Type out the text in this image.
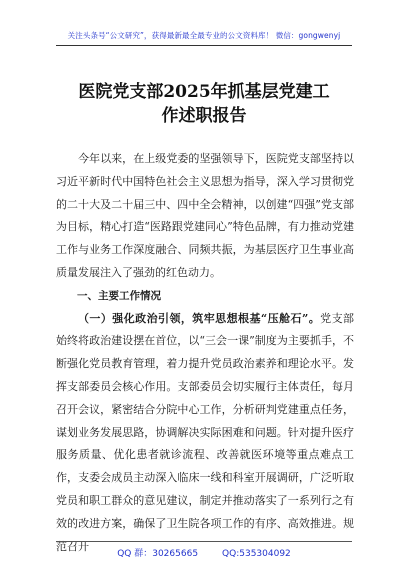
关注头条号“公文研究”，获得最新最全最专业的公文资料库！ 微信：gongwenyj
医院党支部2025年抓基层党建工作述职报告

今年以来，在上级党委的坚强领导下，医院党支部坚持以习近平新时代中国特色社会主义思想为指导，深入学习贯彻党的二十大及二十届三中、四中全会精神，以创建“四强”党支部为目标，精心打造“医路跟党建同心”特色品牌，有力推动党建工作与业务工作深度融合、同频共振，为基层医疗卫生事业高质量发展注入了强劲的红色动力。

一、主要工作情况

（一）强化政治引领，筑牢思想根基“压舱石”。党支部始终将政治建设摆在首位，以“三会一课”制度为主要抓手，不断强化党员教育管理，着力提升党员政治素养和理论水平。发挥支部委员会核心作用。支部委员会切实履行主体责任，每月召开会议，紧密结合分院中心工作，分析研判党建重点任务，谋划业务发展思路，协调解决实际困难和问题。针对提升医疗服务质量、优化患者就诊流程、改善就医环境等重点难点工作，支委会成员主动深入临床一线和科室开展调研，广泛听取党员和职工群众的意见建议，制定并推动落实了一系列行之有效的改进方案，确保了卫生院各项工作的有序、高效推进。规范召开

QQ 群：30265665	QQ:535304092
